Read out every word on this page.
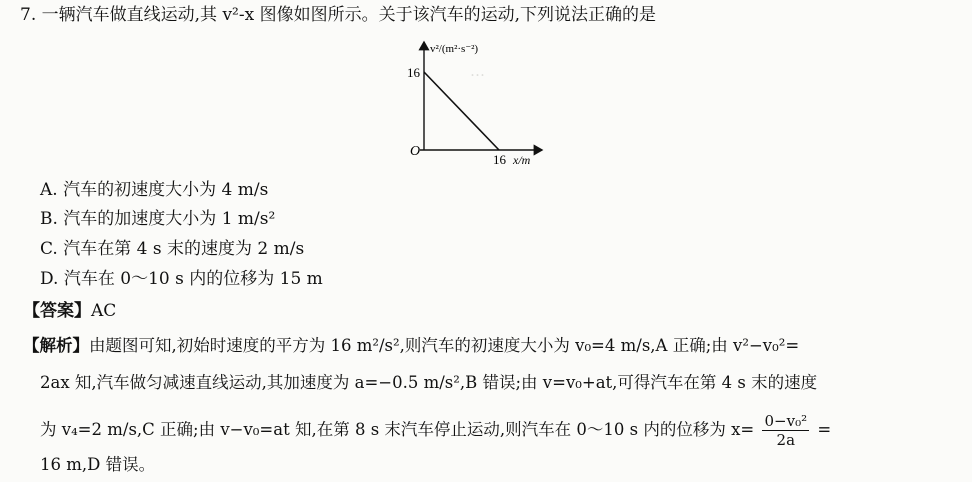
…
7. 一辆汽车做直线运动,其 v²-x 图像如图所示。关于该汽车的运动,下列说法正确的是
v²/(m²·s⁻²)
x/m
O
16
16
A. 汽车的初速度大小为 4 m/s
B. 汽车的加速度大小为 1 m/s²
C. 汽车在第 4 s 末的速度为 2 m/s
D. 汽车在 0～10 s 内的位移为 15 m
【答案】AC
【解析】由题图可知,初始时速度的平方为 16 m²/s²,则汽车的初速度大小为 v₀=4 m/s,A 正确;由 v²−v₀²=
2ax 知,汽车做匀减速直线运动,其加速度为 a=−0.5 m/s²,B 错误;由 v=v₀+at,可得汽车在第 4 s 末的速度
为 v₄=2 m/s,C 正确;由 v−v₀=at 知,在第 8 s 末汽车停止运动,则汽车在 0～10 s 内的位移为 $x= \frac{\text{0−v₀²}}{2a}$ =
16 m,D 错误。
